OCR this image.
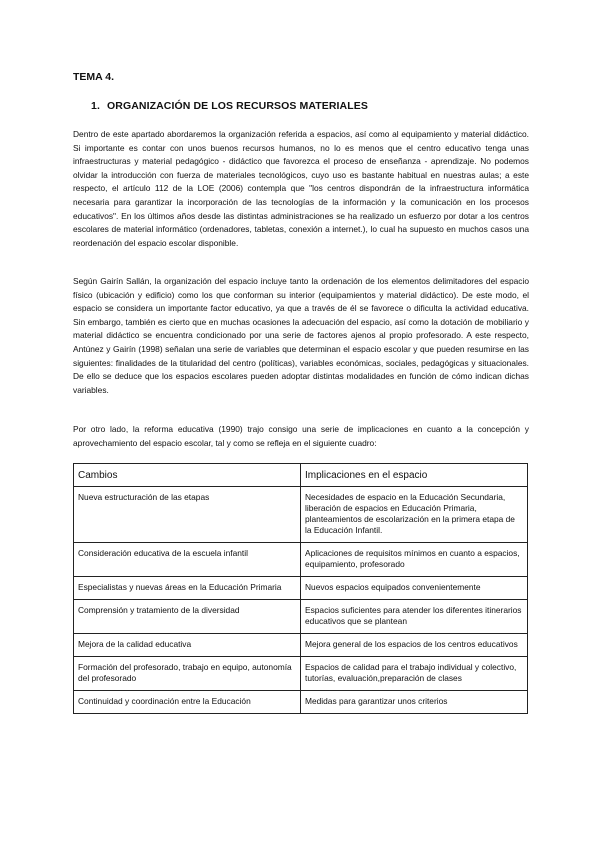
TEMA 4.
1. ORGANIZACIÓN DE LOS RECURSOS MATERIALES

Dentro de este apartado abordaremos la organización referida a espacios, así como al equipamiento y material didáctico. Si importante es contar con unos buenos recursos humanos, no lo es menos que el centro educativo tenga unas infraestructuras y material pedagógico - didáctico que favorezca el proceso de enseñanza - aprendizaje. No podemos olvidar la introducción con fuerza de materiales tecnológicos, cuyo uso es bastante habitual en nuestras aulas; a este respecto, el artículo 112 de la LOE (2006) contempla que "los centros dispondrán de la infraestructura informática necesaria para garantizar la incorporación de las tecnologías de la información y la comunicación en los procesos educativos". En los últimos años desde las distintas administraciones se ha realizado un esfuerzo por dotar a los centros escolares de material informático (ordenadores, tabletas, conexión a internet.), lo cual ha supuesto en muchos casos una reordenación del espacio escolar disponible.

Según Gairín Sallán, la organización del espacio incluye tanto la ordenación de los elementos delimitadores del espacio físico (ubicación y edificio) como los que conforman su interior (equipamientos y material didáctico). De este modo, el espacio se considera un importante factor educativo, ya que a través de él se favorece o dificulta la actividad educativa. Sin embargo, también es cierto que en muchas ocasiones la adecuación del espacio, así como la dotación de mobiliario y material didáctico se encuentra condicionado por una serie de factores ajenos al propio profesorado. A este respecto, Antúnez y Gairín (1998) señalan una serie de variables que determinan el espacio escolar y que pueden resumirse en las siguientes: finalidades de la titularidad del centro (políticas), variables económicas, sociales, pedagógicas y situacionales. De ello se deduce que los espacios escolares pueden adoptar distintas modalidades en función de cómo indican dichas variables.

Por otro lado, la reforma educativa (1990) trajo consigo una serie de implicaciones en cuanto a la concepción y aprovechamiento del espacio escolar, tal y como se refleja en el siguiente cuadro:

Cambios	Implicaciones en el espacio
Nueva estructuración de las etapas	Necesidades de espacio en la Educación Secundaria, liberación de espacios en Educación Primaria, planteamientos de escolarización en la primera etapa de la Educación Infantil.
Consideración educativa de la escuela infantil	Aplicaciones de requisitos mínimos en cuanto a espacios, equipamiento, profesorado
Especialistas y nuevas áreas en la Educación Primaria	Nuevos espacios equipados convenientemente
Comprensión y tratamiento de la diversidad	Espacios suficientes para atender los diferentes itinerarios educativos que se plantean
Mejora de la calidad educativa	Mejora general de los espacios de los centros educativos
Formación del profesorado, trabajo en equipo, autonomía del profesorado	Espacios de calidad para el trabajo individual y colectivo, tutorías, evaluación,preparación de clases
Continuidad y coordinación entre la Educación	Medidas para garantizar unos criterios
